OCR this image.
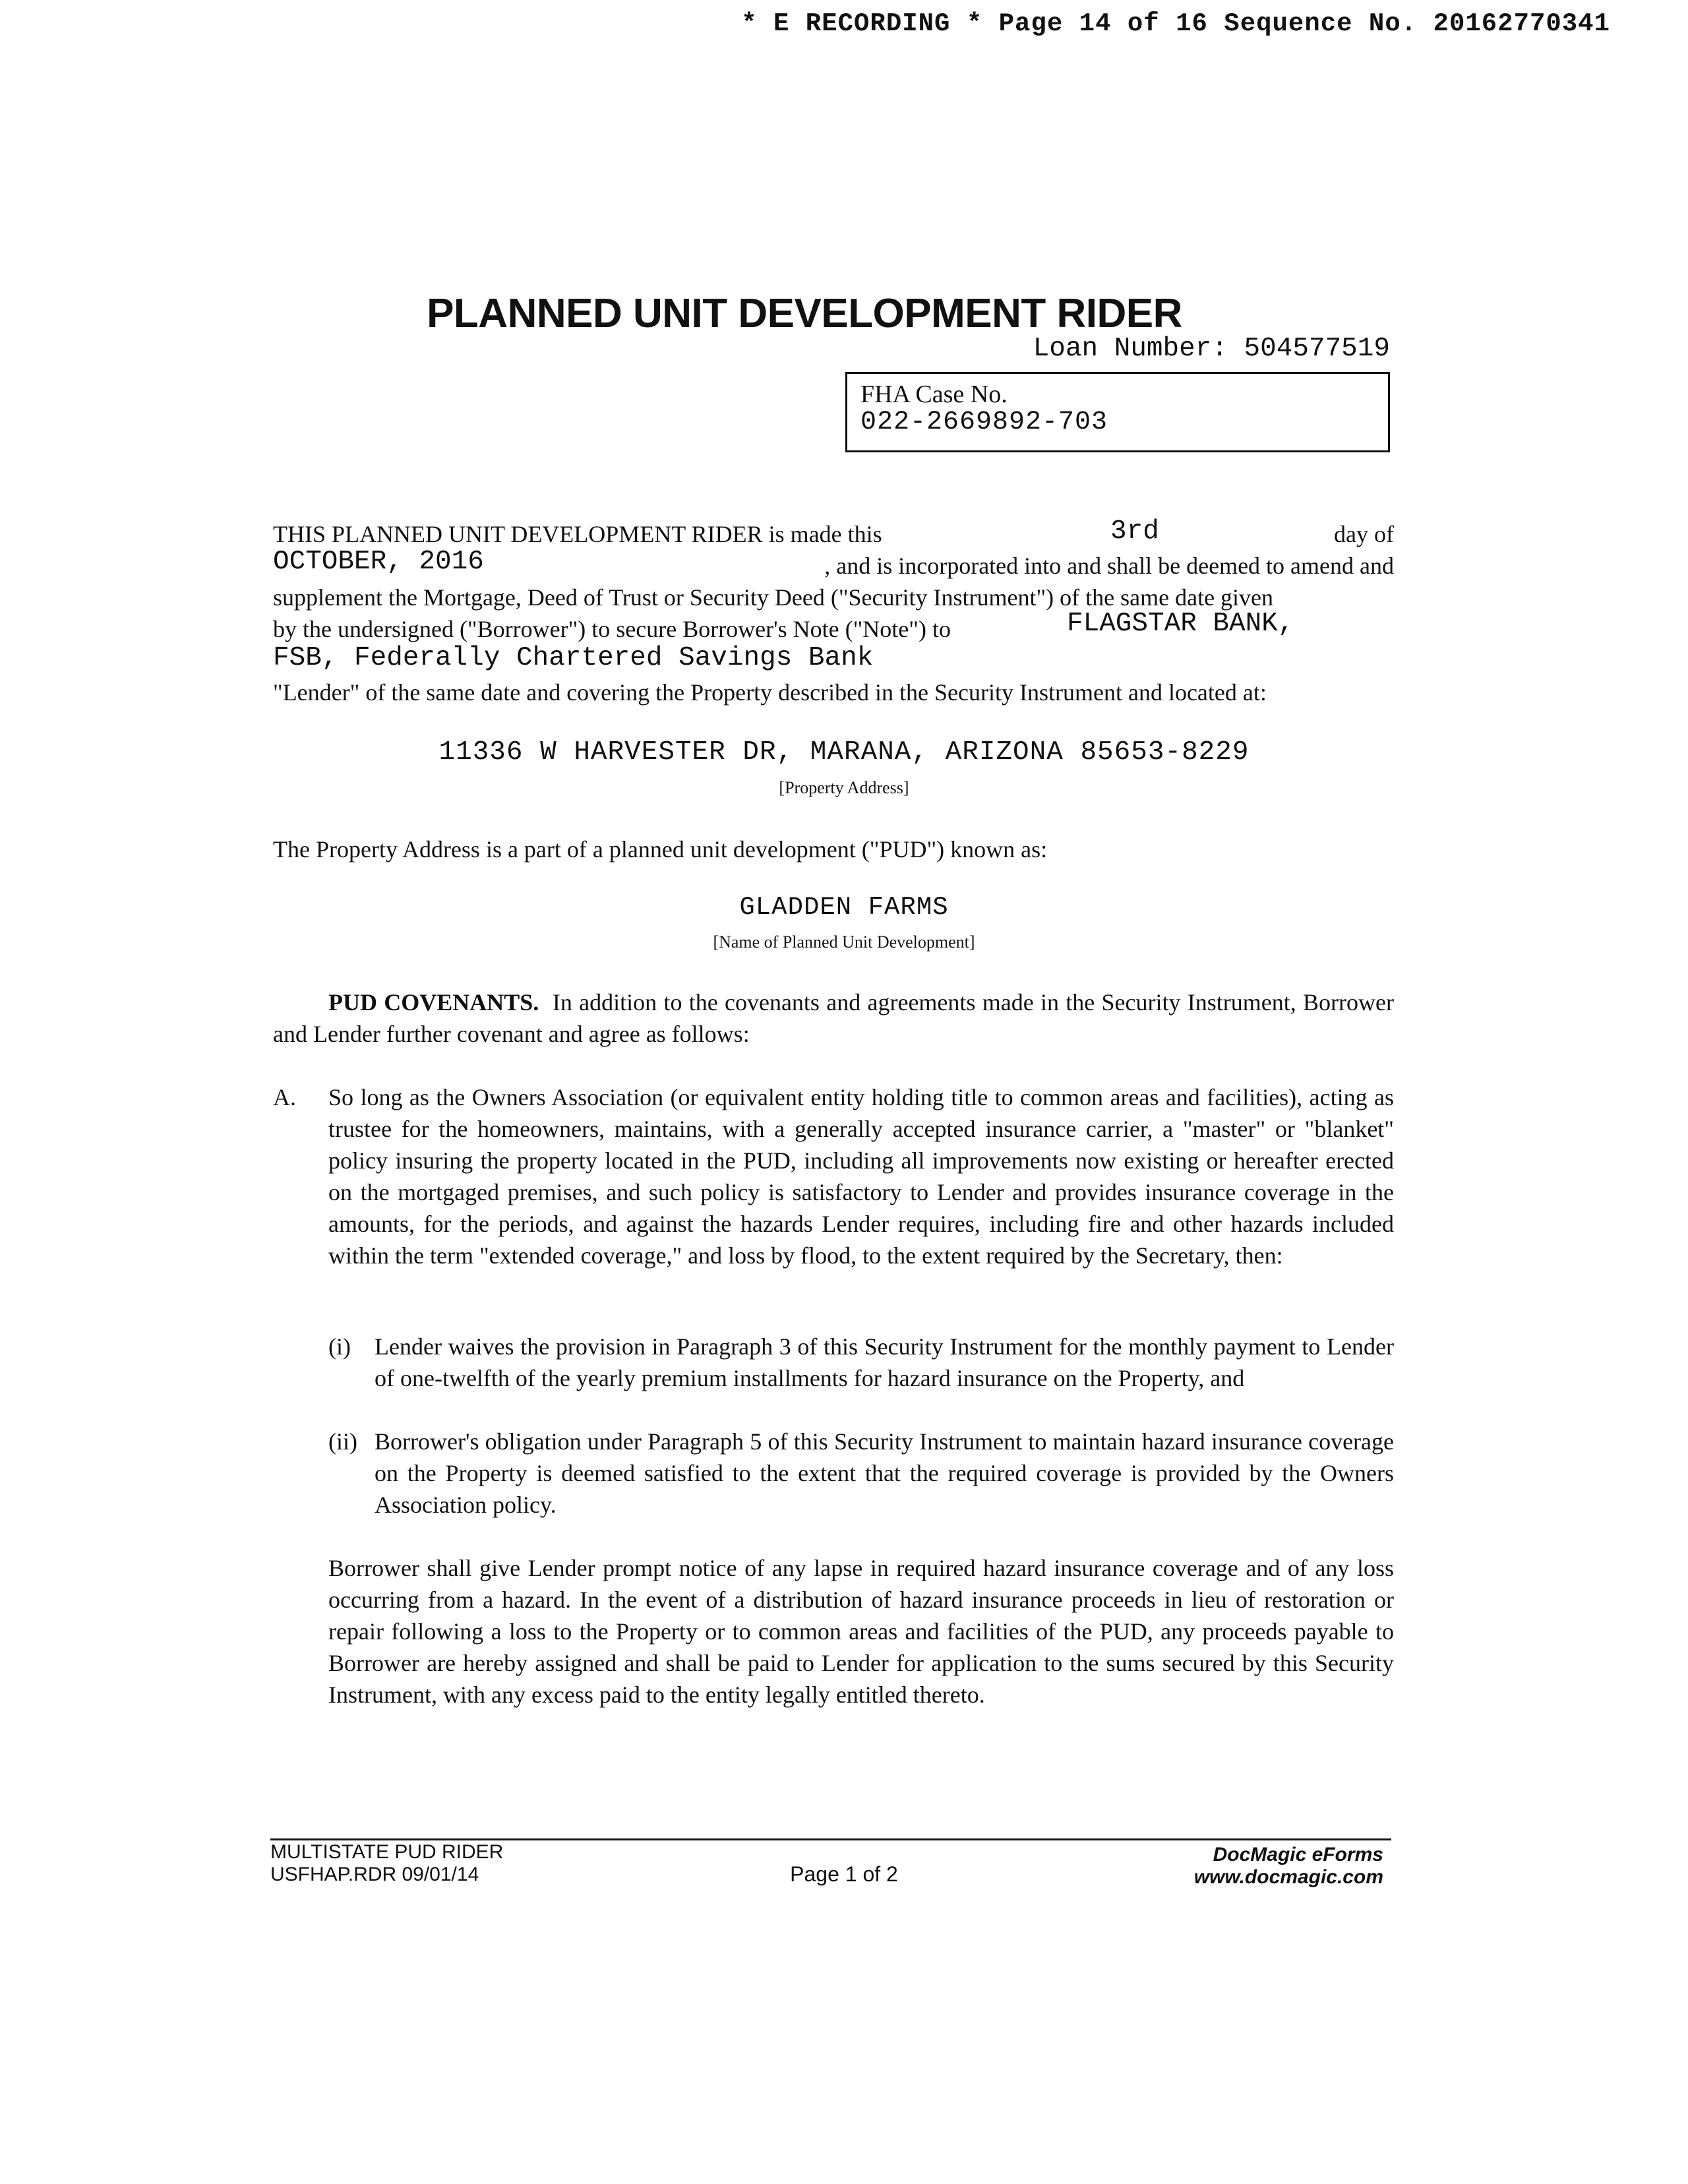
* E RECORDING * Page 14 of 16 Sequence No. 20162770341
PLANNED UNIT DEVELOPMENT RIDER
Loan Number: 504577519
FHA Case No.
022-2669892-703
THIS PLANNED UNIT DEVELOPMENT RIDER is made this	3rd	day of
OCTOBER, 2016	, and is incorporated into and shall be deemed to amend and
supplement the Mortgage, Deed of Trust or Security Deed ("Security Instrument") of the same date given
by the undersigned ("Borrower") to secure Borrower's Note ("Note") to	FLAGSTAR BANK,
FSB, Federally Chartered Savings Bank
"Lender" of the same date and covering the Property described in the Security Instrument and located at:
11336 W HARVESTER DR, MARANA, ARIZONA 85653-8229
[Property Address]
The Property Address is a part of a planned unit development ("PUD") known as:
GLADDEN FARMS
[Name of Planned Unit Development]
PUD COVENANTS. In addition to the covenants and agreements made in the Security Instrument, Borrower and Lender further covenant and agree as follows:
A. So long as the Owners Association (or equivalent entity holding title to common areas and facilities), acting as trustee for the homeowners, maintains, with a generally accepted insurance carrier, a "master" or "blanket" policy insuring the property located in the PUD, including all improvements now existing or hereafter erected on the mortgaged premises, and such policy is satisfactory to Lender and provides insurance coverage in the amounts, for the periods, and against the hazards Lender requires, including fire and other hazards included within the term "extended coverage," and loss by flood, to the extent required by the Secretary, then:
(i) Lender waives the provision in Paragraph 3 of this Security Instrument for the monthly payment to Lender of one-twelfth of the yearly premium installments for hazard insurance on the Property, and
(ii) Borrower's obligation under Paragraph 5 of this Security Instrument to maintain hazard insurance coverage on the Property is deemed satisfied to the extent that the required coverage is provided by the Owners Association policy.
Borrower shall give Lender prompt notice of any lapse in required hazard insurance coverage and of any loss occurring from a hazard. In the event of a distribution of hazard insurance proceeds in lieu of restoration or repair following a loss to the Property or to common areas and facilities of the PUD, any proceeds payable to Borrower are hereby assigned and shall be paid to Lender for application to the sums secured by this Security Instrument, with any excess paid to the entity legally entitled thereto.
MULTISTATE PUD RIDER
USFHAP.RDR 09/01/14	Page 1 of 2
DocMagic eForms
www.docmagic.com
